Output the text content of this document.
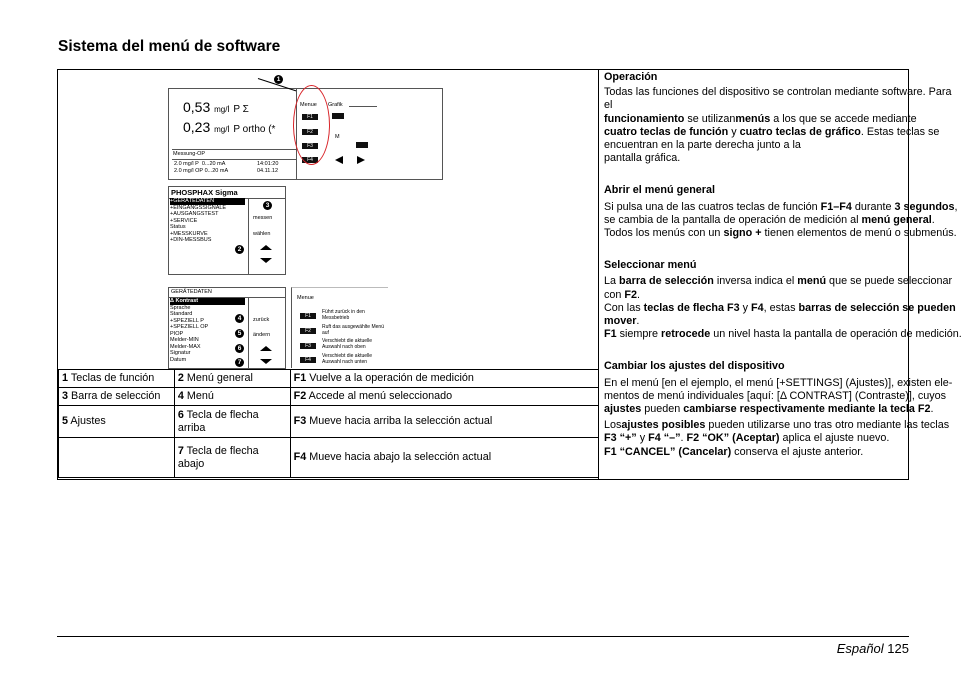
Sistema del menú de software
0,53 mg/l P Σ
0,23 mg/l P ortho (*
Messung-OP
2.0 mg/l P 0...20 mA
2.0 mg/l OP 0...20 mA
14:01:20
04.11.12
Menue Grafik
F1
F2
F3
F4
M
1
PHOSPHAX Sigma
+GERÄTEDATEN
+EINGANGSSIGNALE
+AUSGANGSTEST
+SERVICE
Status
+MESSKURVE
+DIN-MESSBUS
messen
wählen
3
2
GERÄTEDATEN
Δ Kontrast
Sprache
Standard
+SPEZIELL P
+SPEZIELL OP
PIOP
Melder-MIN
Melder-MAX
Signatur
Datum
zurück
ändern
4
5
6
7
Menue
F1
F2
F3
F4
Führt zurück in den Messbetrieb
Ruft das ausgewählte Menü auf
Verschiebt die aktuelle Auswahl nach oben
Verschiebt die aktuelle Auswahl nach unten
1 Teclas de función	2 Menú general	F1 Vuelve a la operación de medición
3 Barra de selección	4 Menú	F2 Accede al menú seleccionado
5 Ajustes	6 Tecla de flecha arriba	F3 Mueve hacia arriba la selección actual
	7 Tecla de flecha abajo	F4 Mueve hacia abajo la selección actual

Operación

Todas las funciones del dispositivo se controlan mediante software. Para el
funcionamiento se utilizanmenús a los que se accede mediante
cuatro teclas de función y cuatro teclas de gráfico. Estas teclas se encuentran en la parte derecha junto a la
pantalla gráfica.

Abrir el menú general

Si pulsa una de las cuatros teclas de función F1–F4 durante 3 segundos, se cambia de la pantalla de operación de medición al menú general. Todos los menús con un signo + tienen elementos de menú o submenús.

Seleccionar menú

La barra de selección inversa indica el menú que se puede seleccionar con F2.
Con las teclas de flecha F3 y F4, estas barras de selección se pueden mover.
F1 siempre retrocede un nivel hasta la pantalla de operación de medición.

Cambiar los ajustes del dispositivo

En el menú [en el ejemplo, el menú [+SETTINGS] (Ajustes)], existen ele-mentos de menú individuales [aquí: [Δ CONTRAST] (Contraste)], cuyos ajustes pueden cambiarse respectivamente mediante la tecla F2.

Losajustes posibles pueden utilizarse uno tras otro mediante las teclas F3 “+” y F4 “–”. F2 “OK” (Aceptar) aplica el ajuste nuevo.
F1 “CANCEL” (Cancelar) conserva el ajuste anterior.

Español 125
